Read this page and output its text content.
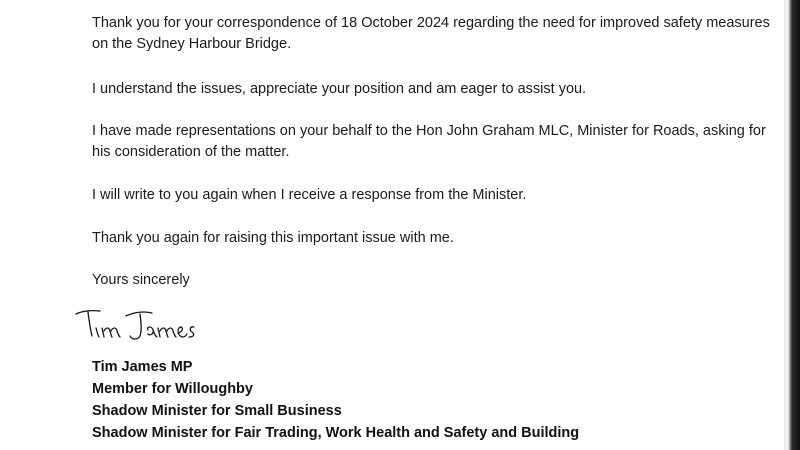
Thank you for your correspondence of 18 October 2024 regarding the need for improved safety measures on the Sydney Harbour Bridge.

I understand the issues, appreciate your position and am eager to assist you.

I have made representations on your behalf to the Hon John Graham MLC, Minister for Roads, asking for his consideration of the matter.

I will write to you again when I receive a response from the Minister.

Thank you again for raising this important issue with me.

Yours sincerely

Tim James MP
Member for Willoughby
Shadow Minister for Small Business
Shadow Minister for Fair Trading, Work Health and Safety and Building
